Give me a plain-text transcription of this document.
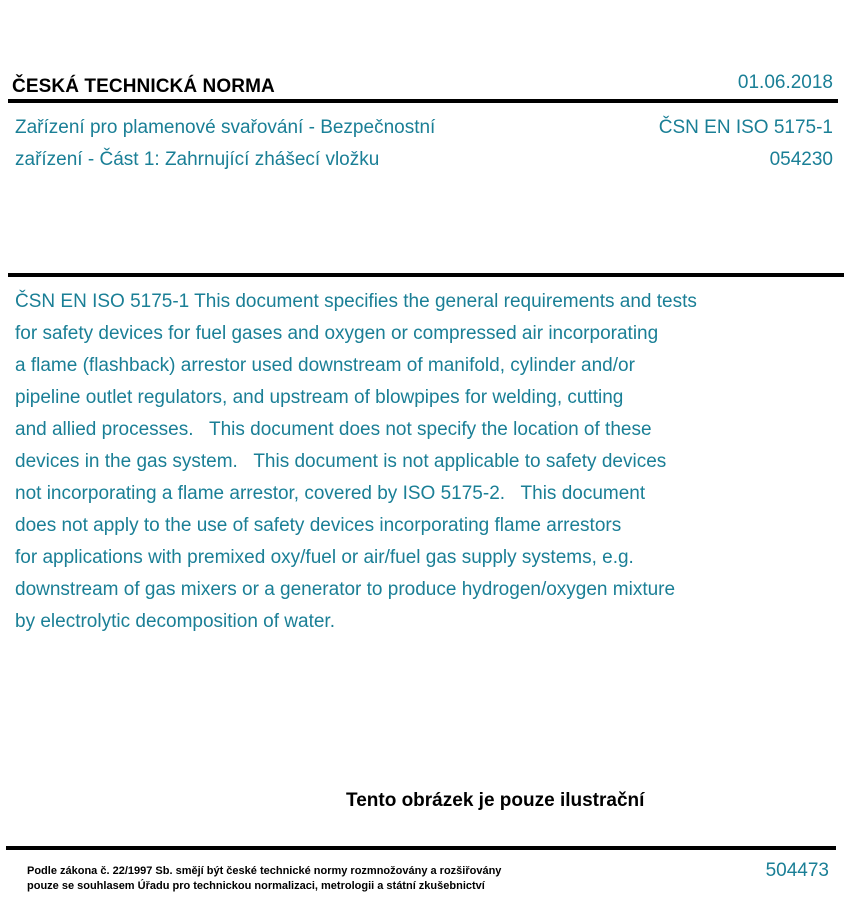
ČESKÁ TECHNICKÁ NORMA	01.06.2018
Zařízení pro plamenové svařování - Bezpečnostní
zařízení - Část 1: Zahrnující zhášecí vložku
ČSN EN ISO 5175-1
054230
ČSN EN ISO 5175-1 This document specifies the general requirements and tests
for safety devices for fuel gases and oxygen or compressed air incorporating
a flame (flashback) arrestor used downstream of manifold, cylinder and/or
pipeline outlet regulators, and upstream of blowpipes for welding, cutting
and allied processes.   This document does not specify the location of these
devices in the gas system.   This document is not applicable to safety devices
not incorporating a flame arrestor, covered by ISO 5175-2.   This document
does not apply to the use of safety devices incorporating flame arrestors
for applications with premixed oxy/fuel or air/fuel gas supply systems, e.g.
downstream of gas mixers or a generator to produce hydrogen/oxygen mixture
by electrolytic decomposition of water.
Tento obrázek je pouze ilustrační
Podle zákona č. 22/1997 Sb. smějí být české technické normy rozmnožovány a rozšiřovány
pouze se souhlasem Úřadu pro technickou normalizaci, metrologii a státní zkušebnictví
504473
